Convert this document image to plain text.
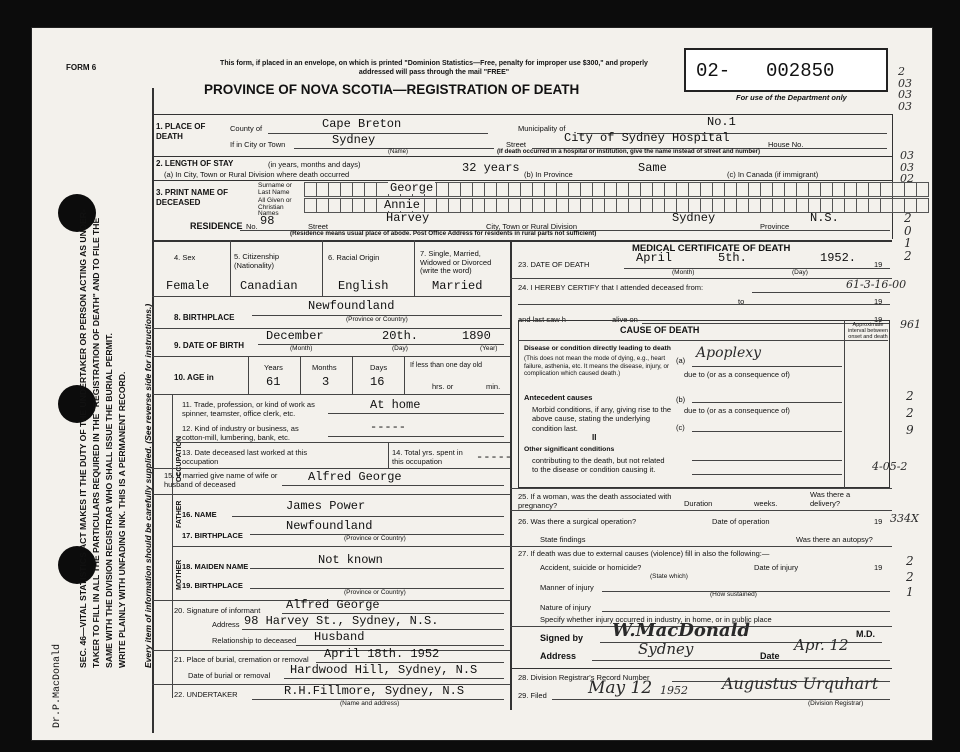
FORM 6	This form, if placed in an envelope, on which is printed "Dominion Statistics—Free, penalty for improper use $300," and properly addressed will pass through the mail "FREE"
PROVINCE OF NOVA SCOTIA—REGISTRATION OF DEATH
02- 002850
For use of the Department only
SEC. 46—VITAL STATISTICS ACT MAKES IT THE DUTY OF THE UNDERTAKER OR PERSON ACTING AS UNDER- TAKER TO FILL IN ALL THE PARTICULARS REQUIRED IN THE "REGISTRATION OF DEATH" AND TO FILE THE SAME WITH THE DIVISION REGISTRAR WHO SHALL ISSUE THE BURIAL PERMIT. WRITE PLAINLY WITH UNFADING INK. THIS IS A PERMANENT RECORD. Every item of information should be carefully supplied. (See reverse side for instructions.)
Dr.P.MacDonald
1. PLACE OF DEATH
County of	Cape Breton	Municipality of	No.1
If in City or Town	Sydney
(Name)
Street	City of Sydney Hospital	House No.
(If death occurred in a hospital or institution, give the name instead of street and number)
2. LENGTH OF STAY	(in years, months and days)
(a) In City, Town or Rural Division where death occurred	32 years (b) In Province	Same	(c) In Canada (if immigrant)
3. PRINT NAME OF DECEASED
Surname or Last Name	George
All Given or Christian Names
Annie
RESIDENCE No. 98	Street
Harvey
City, Town or Rural Division
Sydney
Province
N.S.
(Residence means usual place of abode. Post Office Address for residents in rural parts not sufficient)
4. Sex	5. Citizenship (Nationality)
6. Racial Origin	7. Single, Married, Widowed or Divorced (write the word)
Female	Canadian	English	Married
8. BIRTHPLACE
Newfoundland
(Province or Country)
9. DATE OF BIRTH
December	20th.	1890
(Month)	(Day)	(Year)
10. AGE in
Years	Months	Days
61	3	16
If less than one day old
hrs. or	min.
OCCUPATION
11. Trade, profession, or kind of work as spinner, teamster, office clerk, etc.
At home
12. Kind of industry or business, as cotton-mill, lumbering, bank, etc.
-----
13. Date deceased last worked at this occupation
14. Total yrs. spent in this occupation	-----
15. If married give name of wife or husband of deceased
Alfred George
FATHER 16. NAME
James Power
17. BIRTHPLACE
Newfoundland
(Province or Country)
MOTHER 18. MAIDEN NAME	Not known
19. BIRTHPLACE
(Province or Country)
20. Signature of informant Alfred George
Address 98 Harvey St., Sydney, N.S.
Relationship to deceased Husband
21. Place of burial, cremation or removal April 18th. 1952
Date of burial or removal Hardwood Hill, Sydney, N.S
22. UNDERTAKER	R.H.Fillmore, Sydney, N.S
(Name and address)
MEDICAL CERTIFICATE OF DEATH
23. DATE OF DEATH	April	5th.	1952. 19
(Month)	(Day)
24. I HEREBY CERTIFY that I attended deceased from:
to	19
and last saw h	alive on	19
CAUSE OF DEATH	Approximate interval between onset and death
Disease or condition directly leading to death
(This does not mean the mode of dying, e.g., heart failure, asthenia, etc. It means the disease, injury, or complication which caused death.)
(a) Apoplexy
due to (or as a consequence of)
Antecedent causes
Morbid conditions, if any, giving rise to the above cause, stating the underlying condition last.
(b)
due to (or as a consequence of)
(c)
II
Other significant conditions
contributing to the death, but not related to the disease or condition causing it.
25. If a woman, was the death associated with pregnancy?	Duration	weeks.
Was there a delivery?
26. Was there a surgical operation?	Date of operation	19
State findings	Was there an autopsy?
27. If death was due to external causes (violence) fill in also the following:—
Accident, suicide or homicide?	Date of injury	19
(State which)
Manner of injury
(How sustained)
Nature of injury
Specify whether injury occurred in industry, in home, or in public place
Signed by W.MacDonald	M.D.
Address	Sydney	Date
Apr. 12
28. Division Registrar's Record Number
29. Filed May 12 1952 Augustus Urquhart
(Division Registrar)
2
03
03
03
03
03
02
2
0
1
2
61-3-16-00
961
2
2
9
4-05-2
334X
2
2
1
